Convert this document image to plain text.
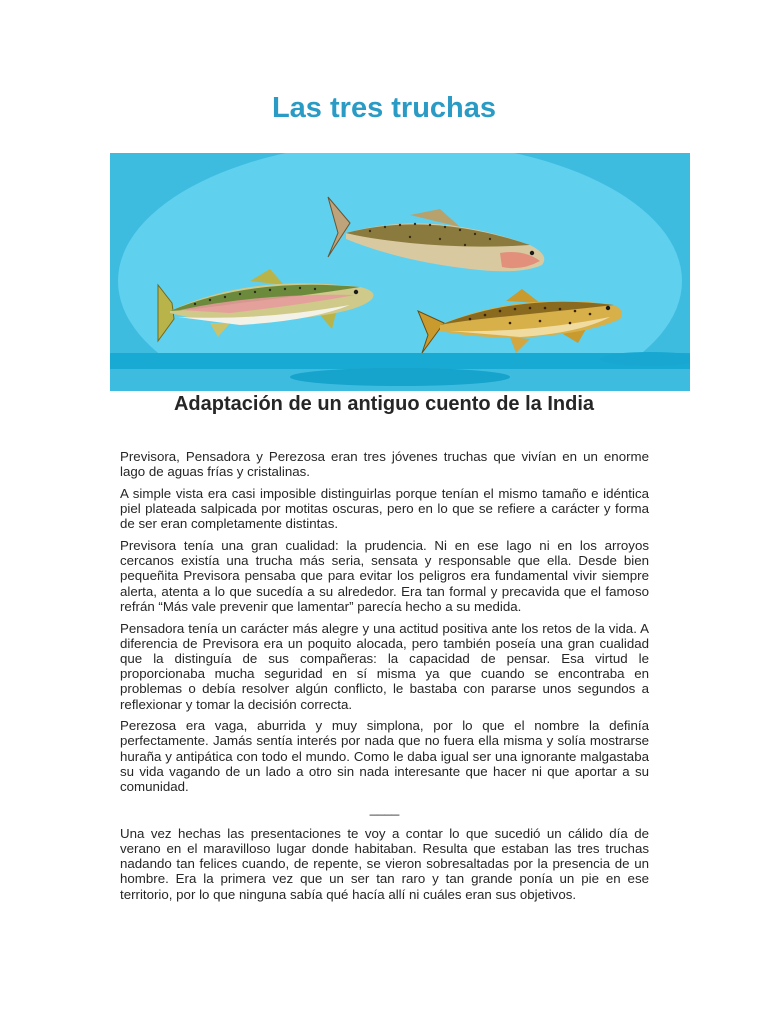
Las tres truchas
Adaptación de un antiguo cuento de la India

Previsora, Pensadora y Perezosa eran tres jóvenes truchas que vivían en un enorme lago de aguas frías y cristalinas.

A simple vista era casi imposible distinguirlas porque tenían el mismo tamaño e idéntica piel plateada salpicada por motitas oscuras, pero en lo que se refiere a carácter y forma de ser eran completamente distintas.

Previsora tenía una gran cualidad: la prudencia. Ni en ese lago ni en los arroyos cercanos existía una trucha más seria, sensata y responsable que ella. Desde bien pequeñita Previsora pensaba que para evitar los peligros era fundamental vivir siempre alerta, atenta a lo que sucedía a su alrededor. Era tan formal y precavida que el famoso refrán “Más vale prevenir que lamentar” parecía hecho a su medida.

Pensadora tenía un carácter más alegre y una actitud positiva ante los retos de la vida. A diferencia de Previsora era un poquito alocada, pero también poseía una gran cualidad que la distinguía de sus compañeras: la capacidad de pensar. Esa virtud le proporcionaba mucha seguridad en sí misma ya que cuando se encontraba en problemas o debía resolver algún conflicto, le bastaba con pararse unos segundos a reflexionar y tomar la decisión correcta.

Perezosa era vaga, aburrida y muy simplona, por lo que el nombre la definía perfectamente. Jamás sentía interés por nada que no fuera ella misma y solía mostrarse huraña y antipática con todo el mundo. Como le daba igual ser una ignorante malgastaba su vida vagando de un lado a otro sin nada interesante que hacer ni que aportar a su comunidad.

____

Una vez hechas las presentaciones te voy a contar lo que sucedió un cálido día de verano en el maravilloso lugar donde habitaban. Resulta que estaban las tres truchas nadando tan felices cuando, de repente, se vieron sobresaltadas por la presencia de un hombre. Era la primera vez que un ser tan raro y tan grande ponía un pie en ese territorio, por lo que ninguna sabía qué hacía allí ni cuáles eran sus objetivos.
